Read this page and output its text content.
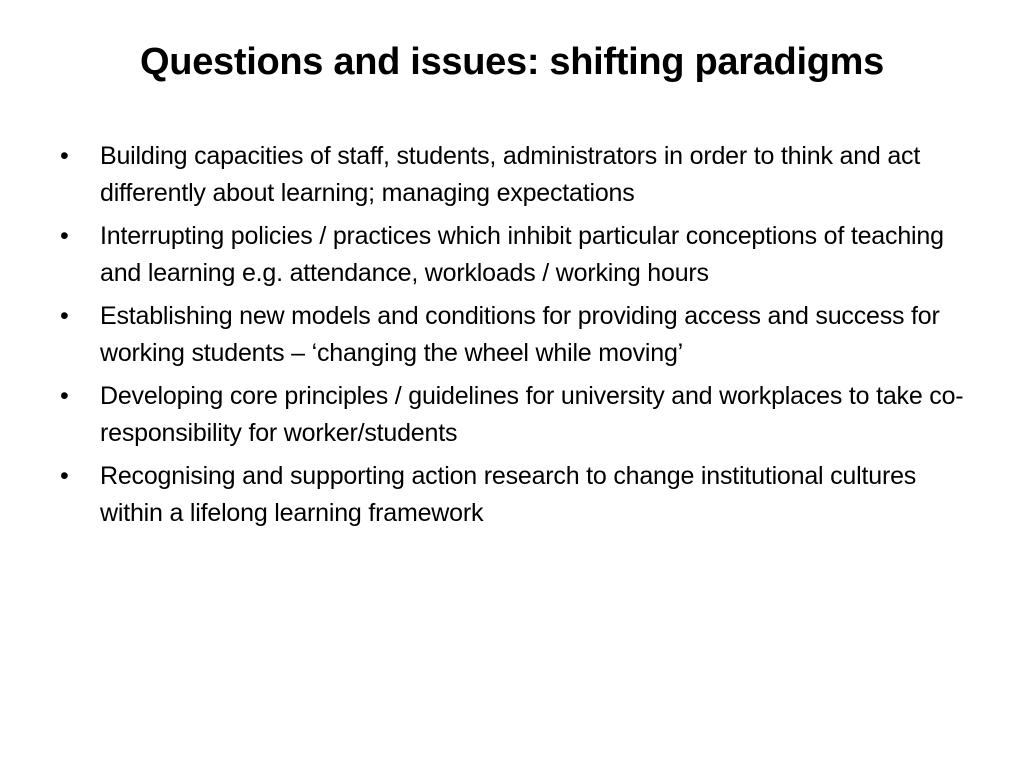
Questions and issues: shifting paradigms
•	Building capacities of staff, students, administrators in order to think and act differently about learning; managing expectations
•	Interrupting policies / practices which inhibit particular conceptions of teaching and learning e.g. attendance, workloads / working hours
•	Establishing new models and conditions for providing access and success for working students – ‘changing the wheel while moving’
•	Developing core principles / guidelines for university and workplaces to take co-responsibility for worker/students
•	Recognising and supporting action research to change institutional cultures within a lifelong learning framework
